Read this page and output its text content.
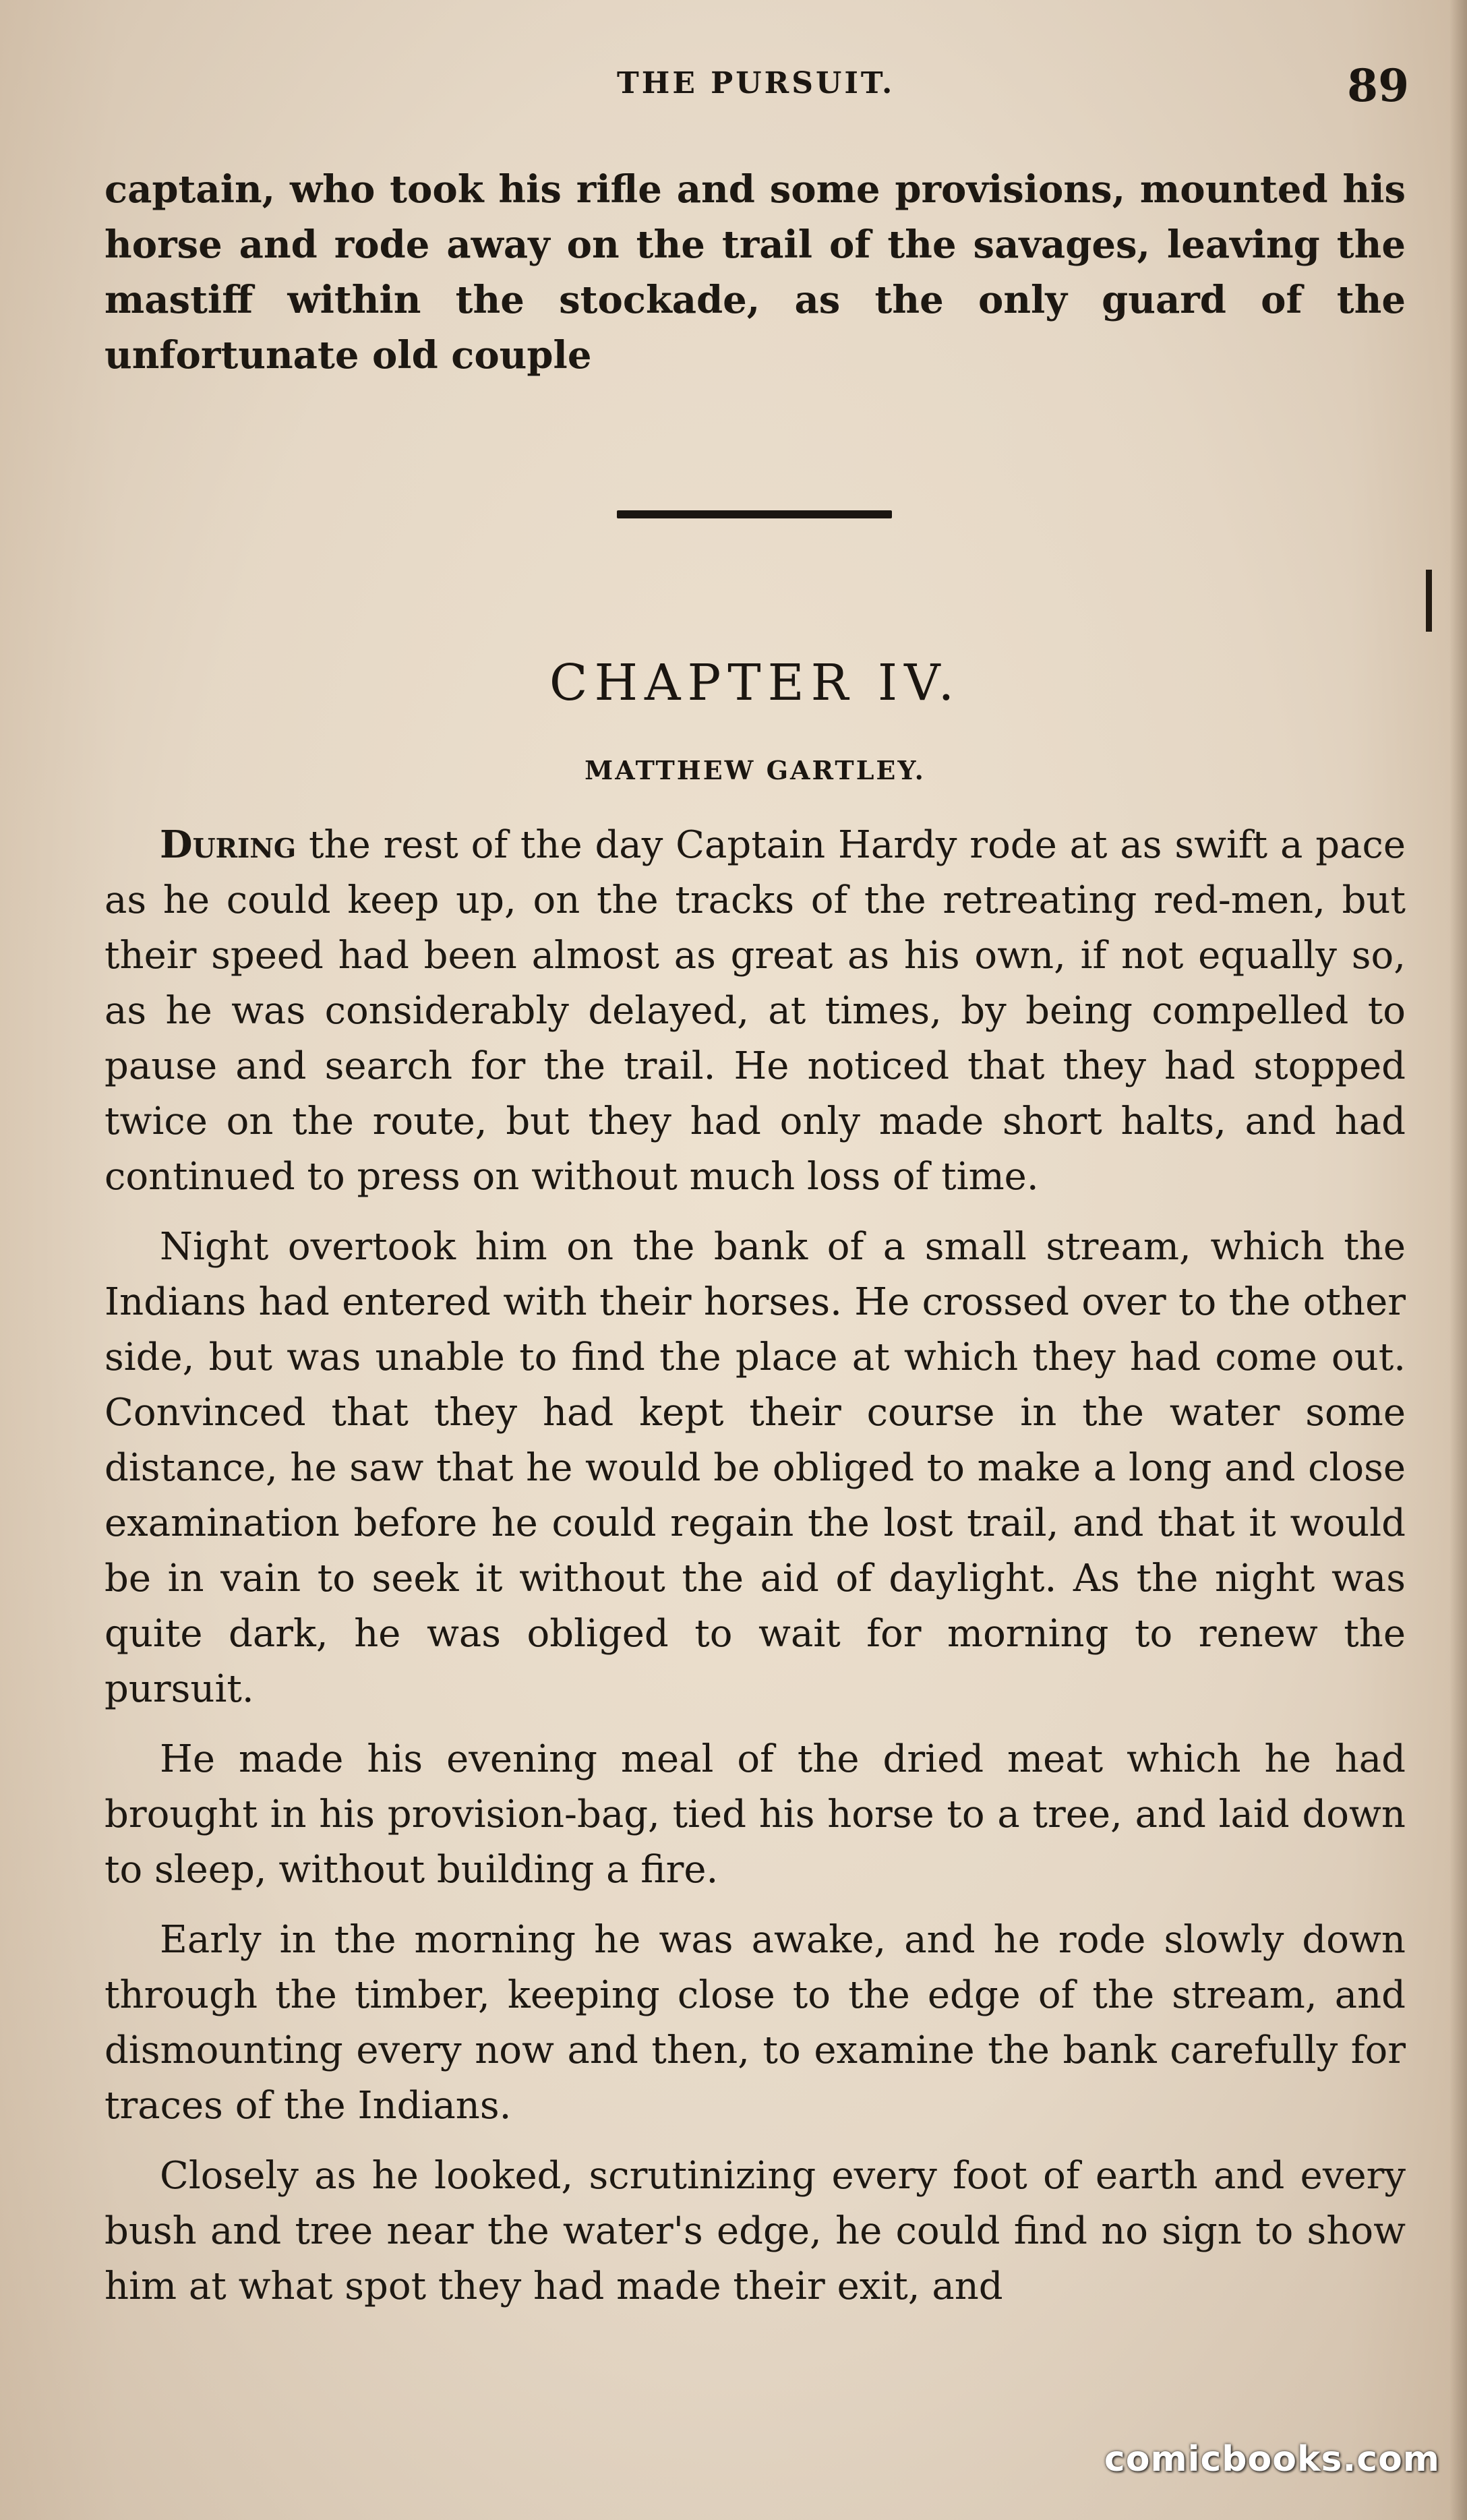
THE PURSUIT.	89

captain, who took his rifle and some provisions, mounted his horse and rode away on the trail of the savages, leaving the mastiff within the stockade, as the only guard of the unfortunate old couple

CHAPTER IV.
MATTHEW GARTLEY.

During the rest of the day Captain Hardy rode at as swift a pace as he could keep up, on the tracks of the retreating red-men, but their speed had been almost as great as his own, if not equally so, as he was considerably delayed, at times, by being compelled to pause and search for the trail. He noticed that they had stopped twice on the route, but they had only made short halts, and had continued to press on without much loss of time.

Night overtook him on the bank of a small stream, which the Indians had entered with their horses. He crossed over to the other side, but was unable to find the place at which they had come out. Convinced that they had kept their course in the water some distance, he saw that he would be obliged to make a long and close examination before he could regain the lost trail, and that it would be in vain to seek it without the aid of daylight. As the night was quite dark, he was obliged to wait for morning to renew the pursuit.

He made his evening meal of the dried meat which he had brought in his provision-bag, tied his horse to a tree, and laid down to sleep, without building a fire.

Early in the morning he was awake, and he rode slowly down through the timber, keeping close to the edge of the stream, and dismounting every now and then, to examine the bank carefully for traces of the Indians.

Closely as he looked, scrutinizing every foot of earth and every bush and tree near the water's edge, he could find no sign to show him at what spot they had made their exit, and

comicbooks.com
